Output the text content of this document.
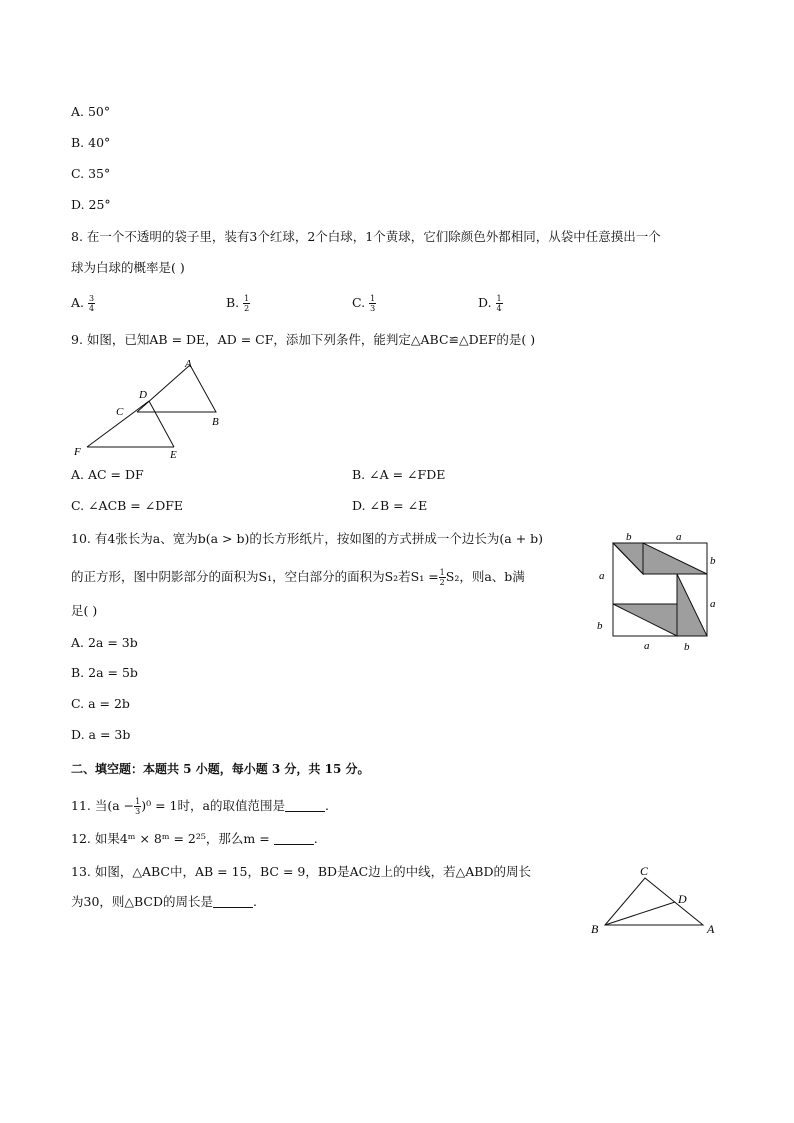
A. 50°
B. 40°
C. 35°
D. 25°
8. 在一个不透明的袋子里，装有3个红球，2个白球，1个黄球，它们除颜色外都相同，从袋中任意摸出一个
球为白球的概率是( )
A. $\frac{3}{4}$	B. $\frac{1}{2}$	C. $\frac{1}{3}$	D. $\frac{1}{4}$
9. 如图，已知AB = DE，AD = CF，添加下列条件，能判定△ABC≌△DEF的是( )
A
B
C
D
E
F
A. AC = DF	B. ∠A = ∠FDE
C. ∠ACB = ∠DFE	D. ∠B = ∠E
10. 有4张长为a、宽为b(a > b)的长方形纸片，按如图的方式拼成一个边长为(a + b)
的正方形，图中阴影部分的面积为S₁，空白部分的面积为S₂若$S_1 = \frac{1}{2} S_2$，则a、b满
足( )
b	a
b
a
a
b
a	b
A. 2a = 3b
B. 2a = 5b
C. a = 2b
D. a = 3b
二、填空题：本题共 5 小题，每小题 3 分，共 15 分。
11. 当$(a - \frac{1}{3} )^0 = 1$时，a的取值范围是	.
12. 如果4ᵐ × 8ᵐ = 2²⁵，那么m =	.
13. 如图，△ABC中，AB = 15，BC = 9，BD是AC边上的中线，若△ABD的周长
为30，则△BCD的周长是	.
C
D
B	A
